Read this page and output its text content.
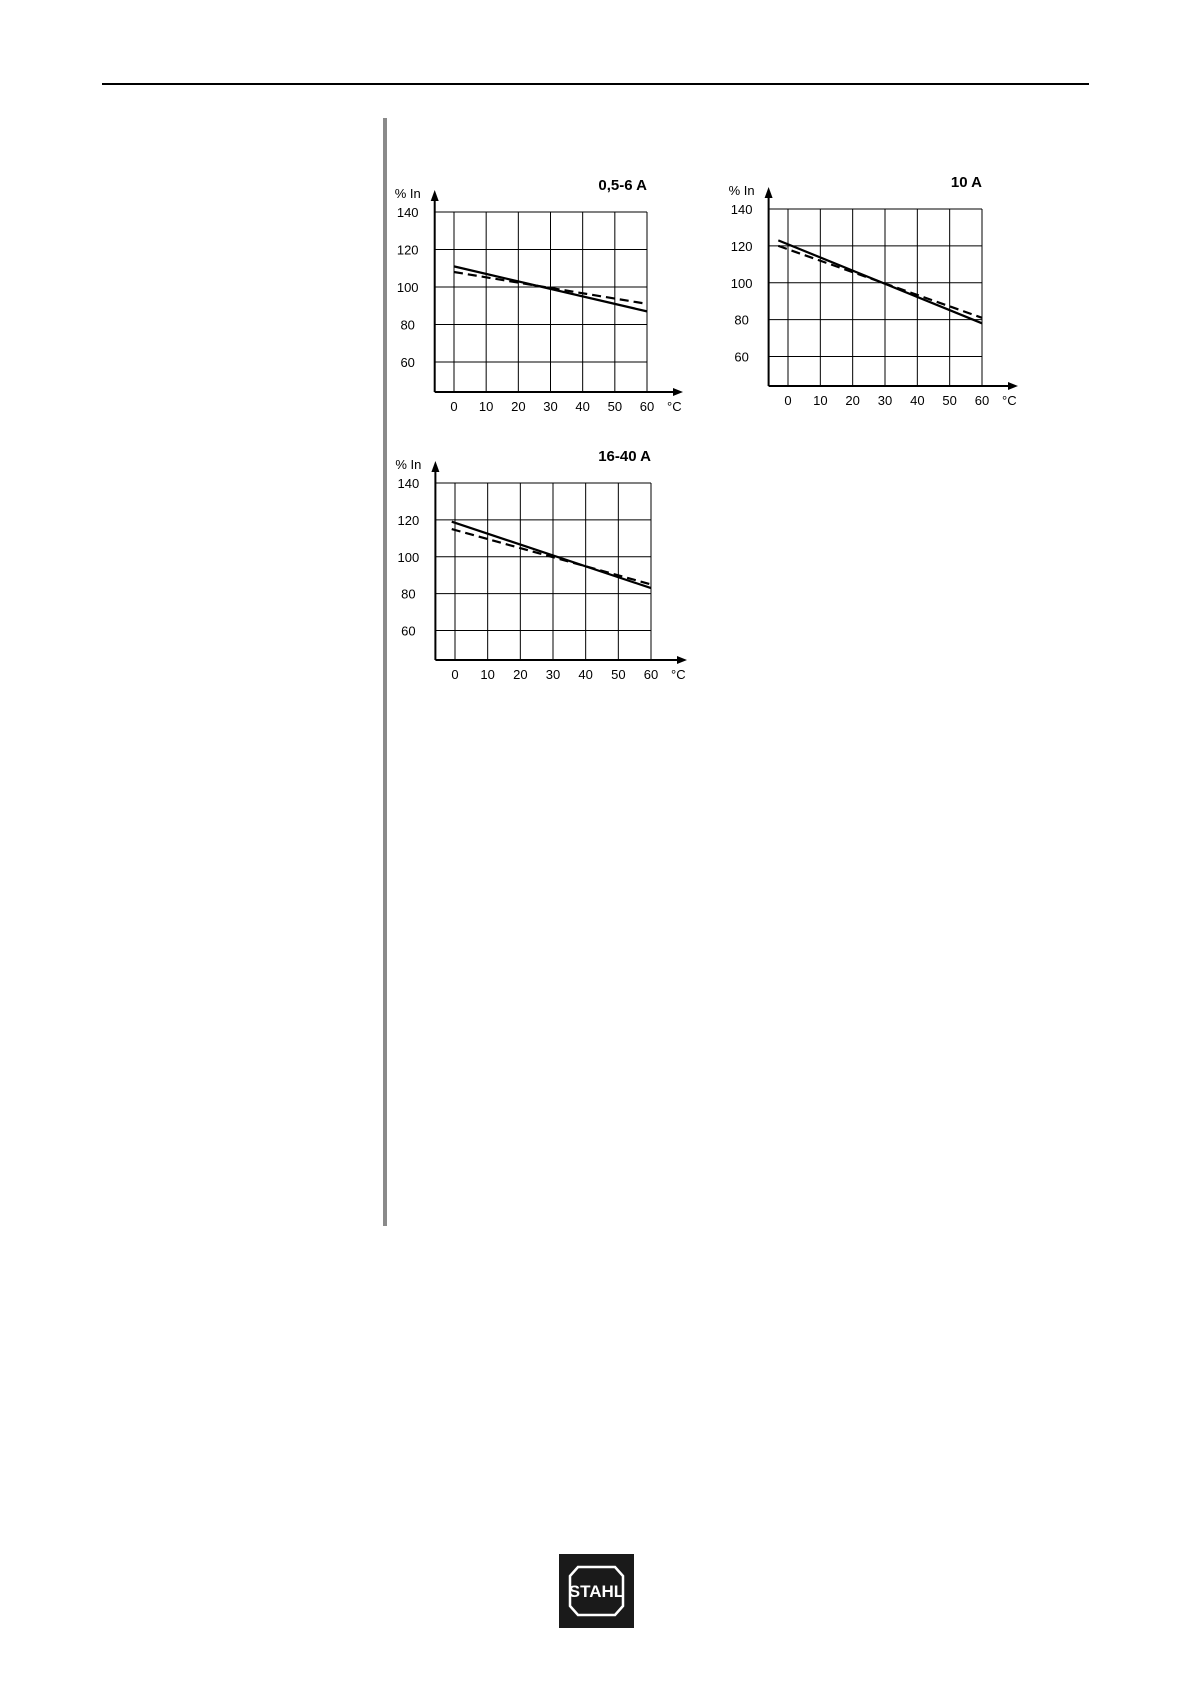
0,5-6 A
60
80
100
120
140
0 10 20 30 40 50 60
% In
°C
10 A
60
80
100
120
140
0 10 20 30 40 50 60
% In
°C
16-40 A
60
80
100
120
140
0 10 20 30 40 50 60
% In
°C
STAHL
